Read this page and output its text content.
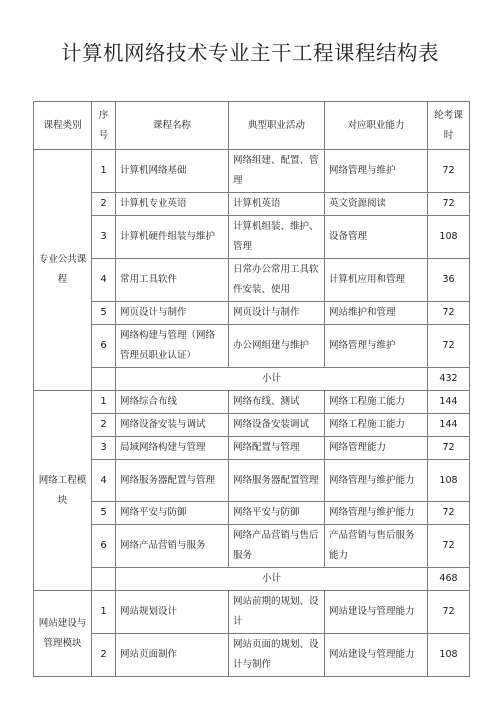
计算机网络技术专业主干工程课程结构表
课程类别	序号	课程名称	典型职业活动	对应职业能力	纶考课时
专业公共课程	1	计算机网络基础	网络组建、配置、管理	网络管理与维护	72
	2	计算机专业英语	计算机英语	英文资源阅读	72
	3	计算机硬件组装与维护	计算机组装、维护、管理	设备管理	108
	4	常用工具软件	日常办公常用工具软件安装、使用	计算机应用和管理	36
	5	网页设计与制作	网页设计与制作	网站维护和管理	72
	6	网络构建与管理（网络管理员职业认证）	办公网组建与维护	网络管理与维护	72
		小计			432
网络工程模块	1	网络综合布线	网络布线、测试	网络工程施工能力	144
	2	网络设备安装与调试	网络设备安装调试	网络工程施工能力	144
	3	局域网络构建与管理	网络配置与管理	网络管理能力	72
	4	网络服务器配置与管理	网络服务器配置管理	网络管理与维护能力	108
	5	网络平安与防御	网络平安与防御	网络管理与维护能力	72
	6	网络产品营销与服务	网络产品营销与售后服务	产品营销与售后服务能力	72
		小计			468
网站建设与管理模块	1	网站规划设计	网站前期的规划、设计	网站建设与管理能力	72
	2	网站页面制作	网站页面的规划、设计与制作	网站建设与管理能力	108
